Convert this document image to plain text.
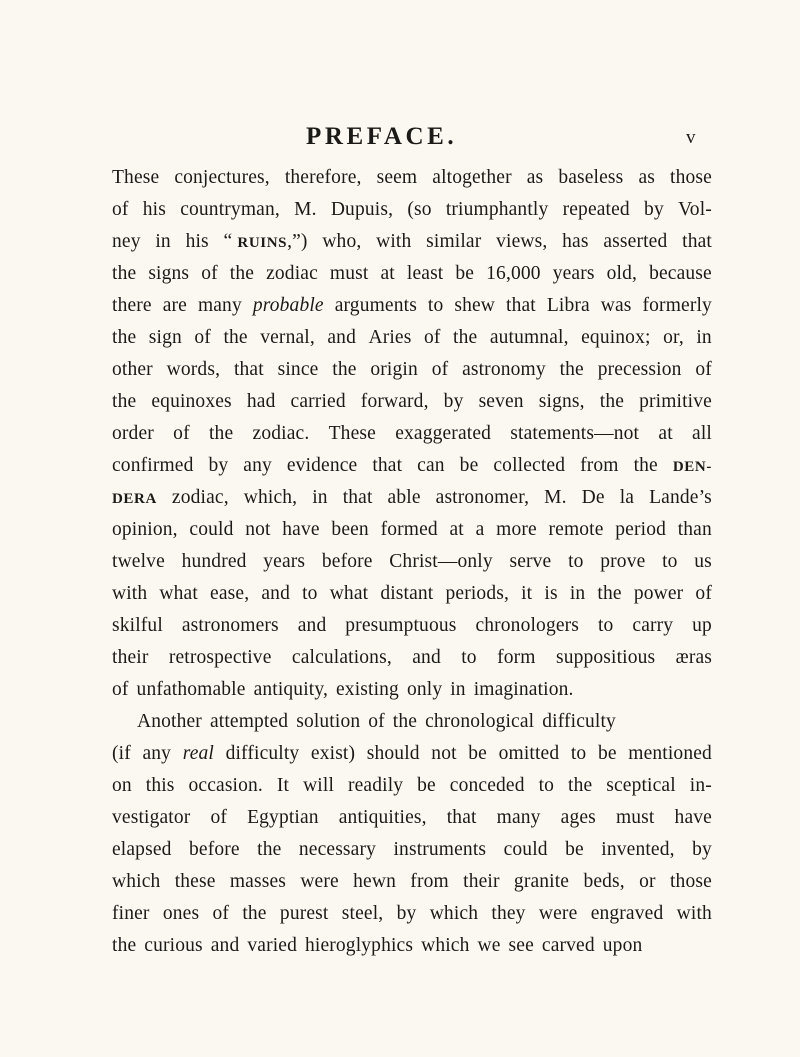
PREFACE.	v
These conjectures, therefore, seem altogether as baseless as those
of his countryman, M. Dupuis, (so triumphantly repeated by Vol-
ney in his “ RUINS,”) who, with similar views, has asserted that
the signs of the zodiac must at least be 16,000 years old, because
there are many probable arguments to shew that Libra was formerly
the sign of the vernal, and Aries of the autumnal, equinox; or, in
other words, that since the origin of astronomy the precession of
the equinoxes had carried forward, by seven signs, the primitive
order of the zodiac. These exaggerated statements—not at all
confirmed by any evidence that can be collected from the DEN-
DERA zodiac, which, in that able astronomer, M. De la Lande’s
opinion, could not have been formed at a more remote period than
twelve hundred years before Christ—only serve to prove to us
with what ease, and to what distant periods, it is in the power of
skilful astronomers and presumptuous chronologers to carry up
their retrospective calculations, and to form suppositious æras
of unfathomable antiquity, existing only in imagination.
Another attempted solution of the chronological difficulty
(if any real difficulty exist) should not be omitted to be mentioned
on this occasion. It will readily be conceded to the sceptical in-
vestigator of Egyptian antiquities, that many ages must have
elapsed before the necessary instruments could be invented, by
which these masses were hewn from their granite beds, or those
finer ones of the purest steel, by which they were engraved with
the curious and varied hieroglyphics which we see carved upon
